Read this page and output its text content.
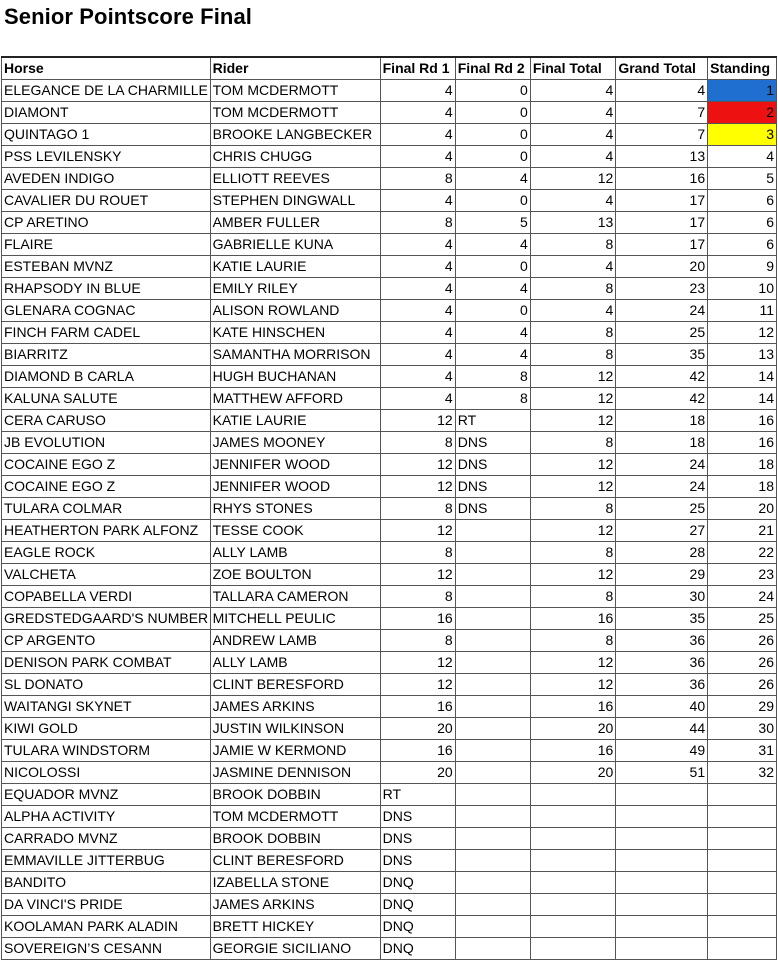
Senior Pointscore Final
Horse	Rider	Final Rd 1	Final Rd 2	Final Total	Grand Total	Standing
ELEGANCE DE LA CHARMILLE	TOM MCDERMOTT	4	0	4	4	1
DIAMONT	TOM MCDERMOTT	4	0	4	7	2
QUINTAGO 1	BROOKE LANGBECKER	4	0	4	7	3
PSS LEVILENSKY	CHRIS CHUGG	4	0	4	13	4
AVEDEN INDIGO	ELLIOTT REEVES	8	4	12	16	5
CAVALIER DU ROUET	STEPHEN DINGWALL	4	0	4	17	6
CP ARETINO	AMBER FULLER	8	5	13	17	6
FLAIRE	GABRIELLE KUNA	4	4	8	17	6
ESTEBAN MVNZ	KATIE LAURIE	4	0	4	20	9
RHAPSODY IN BLUE	EMILY RILEY	4	4	8	23	10
GLENARA COGNAC	ALISON ROWLAND	4	0	4	24	11
FINCH FARM CADEL	KATE HINSCHEN	4	4	8	25	12
BIARRITZ	SAMANTHA MORRISON	4	4	8	35	13
DIAMOND B CARLA	HUGH BUCHANAN	4	8	12	42	14
KALUNA SALUTE	MATTHEW AFFORD	4	8	12	42	14
CERA CARUSO	KATIE LAURIE	12	RT	12	18	16
JB EVOLUTION	JAMES MOONEY	8	DNS	8	18	16
COCAINE EGO Z	JENNIFER WOOD	12	DNS	12	24	18
COCAINE EGO Z	JENNIFER WOOD	12	DNS	12	24	18
TULARA COLMAR	RHYS STONES	8	DNS	8	25	20
HEATHERTON PARK ALFONZ	TESSE COOK	12		12	27	21
EAGLE ROCK	ALLY LAMB	8		8	28	22
VALCHETA	ZOE BOULTON	12		12	29	23
COPABELLA VERDI	TALLARA CAMERON	8		8	30	24
GREDSTEDGAARD'S NUMBER	MITCHELL PEULIC	16		16	35	25
CP ARGENTO	ANDREW LAMB	8		8	36	26
DENISON PARK COMBAT	ALLY LAMB	12		12	36	26
SL DONATO	CLINT BERESFORD	12		12	36	26
WAITANGI SKYNET	JAMES ARKINS	16		16	40	29
KIWI GOLD	JUSTIN WILKINSON	20		20	44	30
TULARA WINDSTORM	JAMIE W KERMOND	16		16	49	31
NICOLOSSI	JASMINE DENNISON	20		20	51	32
EQUADOR MVNZ	BROOK DOBBIN	RT				
ALPHA ACTIVITY	TOM MCDERMOTT	DNS				
CARRADO MVNZ	BROOK DOBBIN	DNS				
EMMAVILLE JITTERBUG	CLINT BERESFORD	DNS				
BANDITO	IZABELLA STONE	DNQ				
DA VINCI'S PRIDE	JAMES ARKINS	DNQ				
KOOLAMAN PARK ALADIN	BRETT HICKEY	DNQ				
SOVEREIGN’S CESANN	GEORGIE SICILIANO	DNQ				
